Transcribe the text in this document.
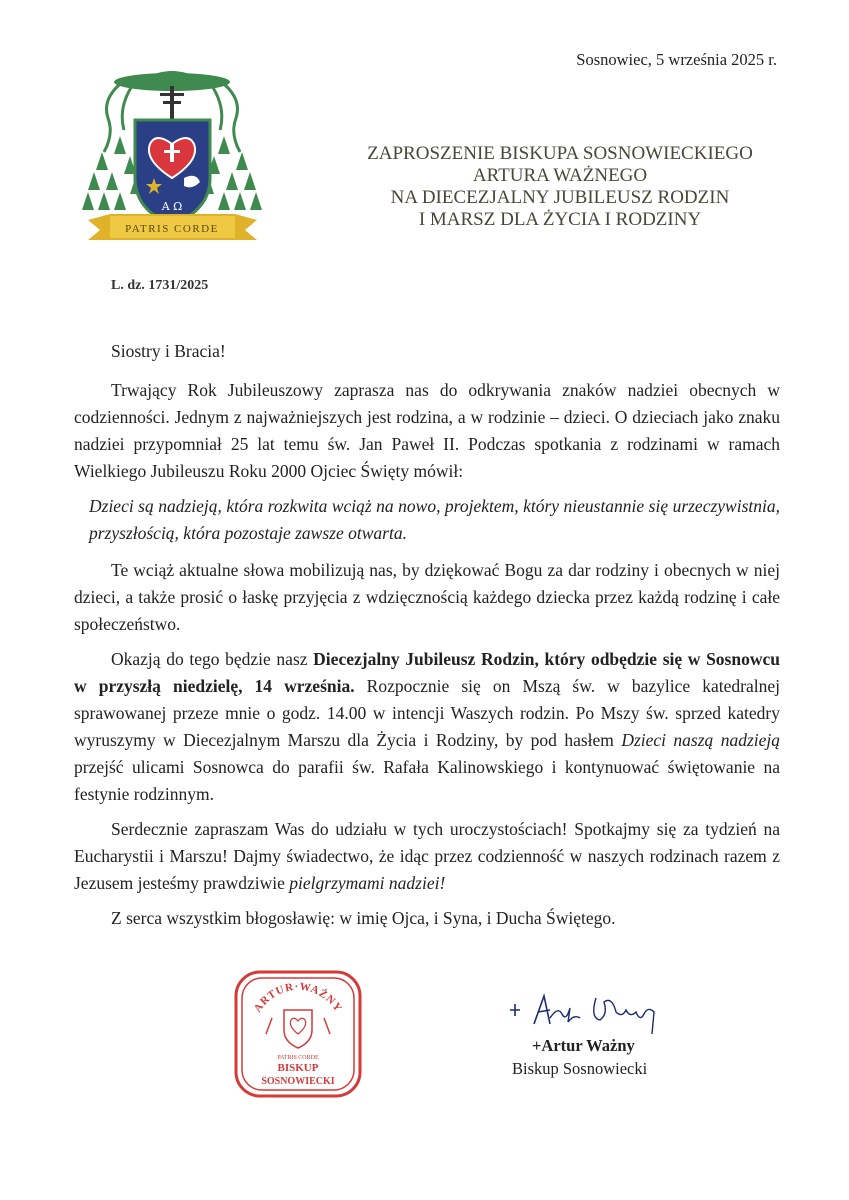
Sosnowiec, 5 września 2025 r.
Α Ω
PATRIS CORDE
ZAPROSZENIE BISKUPA SOSNOWIECKIEGO
ARTURA WAŻNEGO
NA DIECEZJALNY JUBILEUSZ RODZIN
I MARSZ DLA ŻYCIA I RODZINY
L. dz. 1731/2025

Siostry i Bracia!

Trwający Rok Jubileuszowy zaprasza nas do odkrywania znaków nadziei obecnych w codzienności. Jednym z najważniejszych jest rodzina, a w rodzinie – dzieci. O dzieciach jako znaku nadziei przypomniał 25 lat temu św. Jan Paweł II. Podczas spotkania z rodzinami w ramach Wielkiego Jubileuszu Roku 2000 Ojciec Święty mówił:

Dzieci są nadzieją, która rozkwita wciąż na nowo, projektem, który nieustannie się urzeczywistnia, przyszłością, która pozostaje zawsze otwarta.

Te wciąż aktualne słowa mobilizują nas, by dziękować Bogu za dar rodziny i obecnych w niej dzieci, a także prosić o łaskę przyjęcia z wdzięcznością każdego dziecka przez każdą rodzinę i całe społeczeństwo.

Okazją do tego będzie nasz Diecezjalny Jubileusz Rodzin, który odbędzie się w Sosnowcu w przyszłą niedzielę, 14 września. Rozpocznie się on Mszą św. w bazylice katedralnej sprawowanej przeze mnie o godz. 14.00 w intencji Waszych rodzin. Po Mszy św. sprzed katedry wyruszymy w Diecezjalnym Marszu dla Życia i Rodziny, by pod hasłem Dzieci naszą nadzieją przejść ulicami Sosnowca do parafii św. Rafała Kalinowskiego i kontynuować świętowanie na festynie rodzinnym.

Serdecznie zapraszam Was do udziału w tych uroczystościach! Spotkajmy się za tydzień na Eucharystii i Marszu! Dajmy świadectwo, że idąc przez codzienność w naszych rodzinach razem z Jezusem jesteśmy prawdziwie pielgrzymami nadziei!

Z serca wszystkim błogosławię: w imię Ojca, i Syna, i Ducha Świętego.

ARTUR·WAŻNY
PATRIS CORDE
BISKUP
SOSNOWIECKI
+Artur Ważny
Biskup Sosnowiecki
